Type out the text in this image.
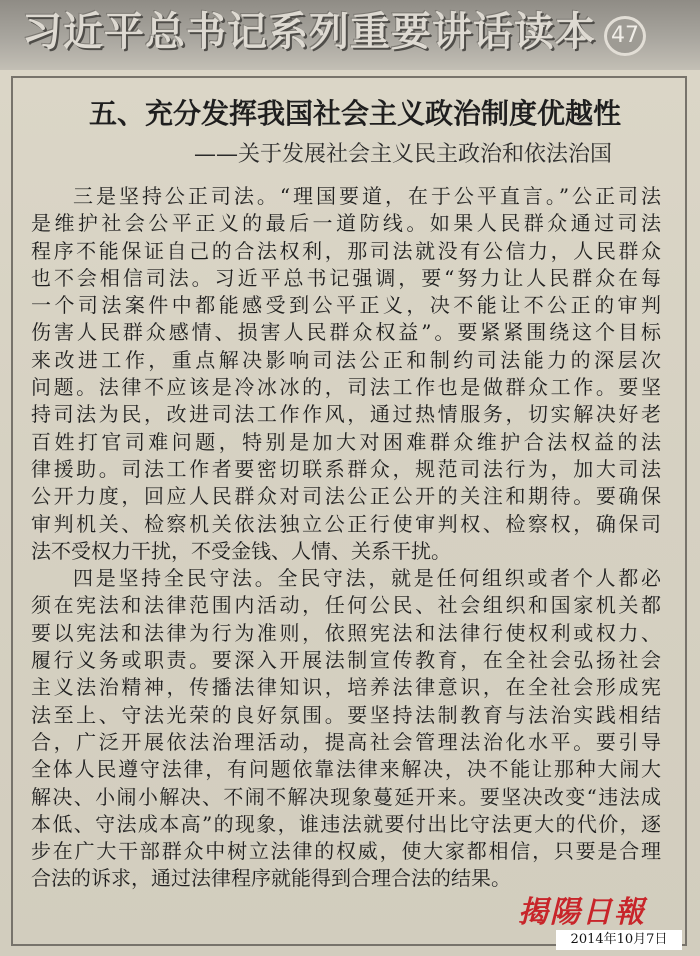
习近平总书记系列重要讲话读本 47
五、充分发挥我国社会主义政治制度优越性
——关于发展社会主义民主政治和依法治国
三是坚持公正司法。“理国要道，在于公平直言。”公正司法
是维护社会公平正义的最后一道防线。如果人民群众通过司法
程序不能保证自己的合法权利，那司法就没有公信力，人民群众
也不会相信司法。习近平总书记强调，要“努力让人民群众在每
一个司法案件中都能感受到公平正义，决不能让不公正的审判
伤害人民群众感情、损害人民群众权益”。要紧紧围绕这个目标
来改进工作，重点解决影响司法公正和制约司法能力的深层次
问题。法律不应该是冷冰冰的，司法工作也是做群众工作。要坚
持司法为民，改进司法工作作风，通过热情服务，切实解决好老
百姓打官司难问题，特别是加大对困难群众维护合法权益的法
律援助。司法工作者要密切联系群众，规范司法行为，加大司法
公开力度，回应人民群众对司法公正公开的关注和期待。要确保
审判机关、检察机关依法独立公正行使审判权、检察权，确保司
法不受权力干扰，不受金钱、人情、关系干扰。
四是坚持全民守法。全民守法，就是任何组织或者个人都必
须在宪法和法律范围内活动，任何公民、社会组织和国家机关都
要以宪法和法律为行为准则，依照宪法和法律行使权利或权力、
履行义务或职责。要深入开展法制宣传教育，在全社会弘扬社会
主义法治精神，传播法律知识，培养法律意识，在全社会形成宪
法至上、守法光荣的良好氛围。要坚持法制教育与法治实践相结
合，广泛开展依法治理活动，提高社会管理法治化水平。要引导
全体人民遵守法律，有问题依靠法律来解决，决不能让那种大闹大
解决、小闹小解决、不闹不解决现象蔓延开来。要坚决改变“违法成
本低、守法成本高”的现象，谁违法就要付出比守法更大的代价，逐
步在广大干部群众中树立法律的权威，使大家都相信，只要是合理
合法的诉求，通过法律程序就能得到合理合法的结果。
揭陽日報
2014年10月7日
